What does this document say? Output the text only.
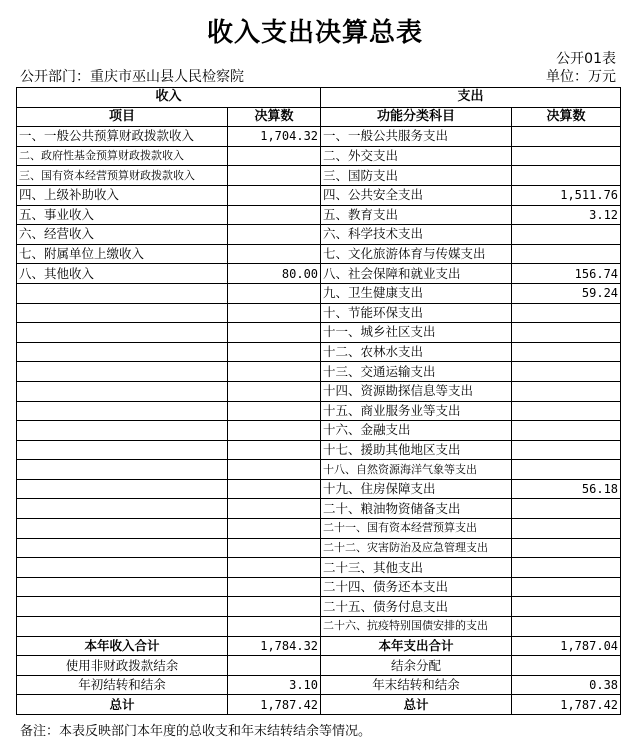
收入支出决算总表
公开01表
公开部门：重庆市巫山县人民检察院	单位：万元
收入		支出	
项目	决算数	功能分类科目	决算数
一、一般公共预算财政拨款收入	1,704.32	一、一般公共服务支出	
二、政府性基金预算财政拨款收入		二、外交支出	
三、国有资本经营预算财政拨款收入		三、国防支出	
四、上级补助收入		四、公共安全支出	1,511.76
五、事业收入		五、教育支出	3.12
六、经营收入		六、科学技术支出	
七、附属单位上缴收入		七、文化旅游体育与传媒支出	
八、其他收入	80.00	八、社会保障和就业支出	156.74
		九、卫生健康支出	59.24
		十、节能环保支出	
		十一、城乡社区支出	
		十二、农林水支出	
		十三、交通运输支出	
		十四、资源勘探信息等支出	
		十五、商业服务业等支出	
		十六、金融支出	
		十七、援助其他地区支出	
		十八、自然资源海洋气象等支出	
		十九、住房保障支出	56.18
		二十、粮油物资储备支出	
		二十一、国有资本经营预算支出	
		二十二、灾害防治及应急管理支出	
		二十三、其他支出	
		二十四、债务还本支出	
		二十五、债务付息支出	
		二十六、抗疫特别国债安排的支出	
本年收入合计	1,784.32	本年支出合计	1,787.04
使用非财政拨款结余		结余分配	
年初结转和结余	3.10	年末结转和结余	0.38
总计	1,787.42	总计	1,787.42
备注：本表反映部门本年度的总收支和年末结转结余等情况。
